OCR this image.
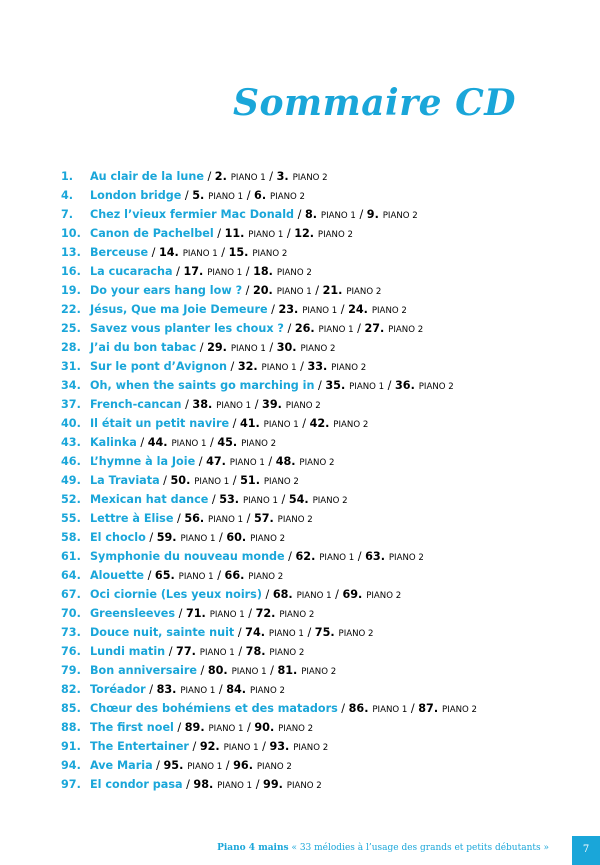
Sommaire CD
1. Au clair de la lune / 2. PIANO 1 / 3. PIANO 2
4. London bridge / 5. PIANO 1 / 6. PIANO 2
7. Chez l’vieux fermier Mac Donald / 8. PIANO 1 / 9. PIANO 2
10. Canon de Pachelbel / 11. PIANO 1 / 12. PIANO 2
13. Berceuse / 14. PIANO 1 / 15. PIANO 2
16. La cucaracha / 17. PIANO 1 / 18. PIANO 2
19. Do your ears hang low ? / 20. PIANO 1 / 21. PIANO 2
22. Jésus, Que ma Joie Demeure / 23. PIANO 1 / 24. PIANO 2
25. Savez vous planter les choux ? / 26. PIANO 1 / 27. PIANO 2
28. J’ai du bon tabac / 29. PIANO 1 / 30. PIANO 2
31. Sur le pont d’Avignon / 32. PIANO 1 / 33. PIANO 2
34. Oh, when the saints go marching in / 35. PIANO 1 / 36. PIANO 2
37. French-cancan / 38. PIANO 1 / 39. PIANO 2
40. Il était un petit navire / 41. PIANO 1 / 42. PIANO 2
43. Kalinka / 44. PIANO 1 / 45. PIANO 2
46. L’hymne à la Joie / 47. PIANO 1 / 48. PIANO 2
49. La Traviata / 50. PIANO 1 / 51. PIANO 2
52. Mexican hat dance / 53. PIANO 1 / 54. PIANO 2
55. Lettre à Elise / 56. PIANO 1 / 57. PIANO 2
58. El choclo / 59. PIANO 1 / 60. PIANO 2
61. Symphonie du nouveau monde / 62. PIANO 1 / 63. PIANO 2
64. Alouette / 65. PIANO 1 / 66. PIANO 2
67. Oci ciornie (Les yeux noirs) / 68. PIANO 1 / 69. PIANO 2
70. Greensleeves / 71. PIANO 1 / 72. PIANO 2
73. Douce nuit, sainte nuit / 74. PIANO 1 / 75. PIANO 2
76. Lundi matin / 77. PIANO 1 / 78. PIANO 2
79. Bon anniversaire / 80. PIANO 1 / 81. PIANO 2
82. Toréador / 83. PIANO 1 / 84. PIANO 2
85. Chœur des bohémiens et des matadors / 86. PIANO 1 / 87. PIANO 2
88. The first noel / 89. PIANO 1 / 90. PIANO 2
91. The Entertainer / 92. PIANO 1 / 93. PIANO 2
94. Ave Maria / 95. PIANO 1 / 96. PIANO 2
97. El condor pasa / 98. PIANO 1 / 99. PIANO 2
Piano 4 mains « 33 mélodies à l’usage des grands et petits débutants »	7
